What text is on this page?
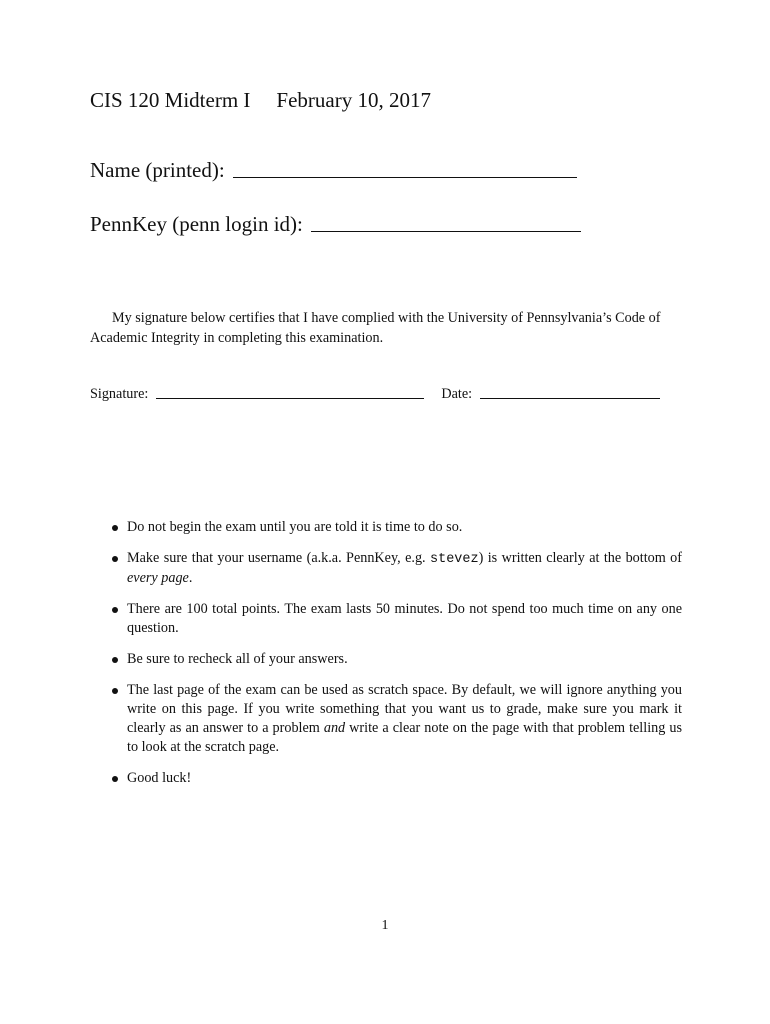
CIS 120 Midterm I February 10, 2017
Name (printed):
PennKey (penn login id):
My signature below certifies that I have complied with the University of Pennsylvania’s Code of Academic Integrity in completing this examination.
Signature:	Date:
Do not begin the exam until you are told it is time to do so.
Make sure that your username (a.k.a. PennKey, e.g. stevez) is written clearly at the bottom of every page.
There are 100 total points. The exam lasts 50 minutes. Do not spend too much time on any one question.
Be sure to recheck all of your answers.
The last page of the exam can be used as scratch space. By default, we will ignore anything you write on this page. If you write something that you want us to grade, make sure you mark it clearly as an answer to a problem and write a clear note on the page with that problem telling us to look at the scratch page.
Good luck!
1
